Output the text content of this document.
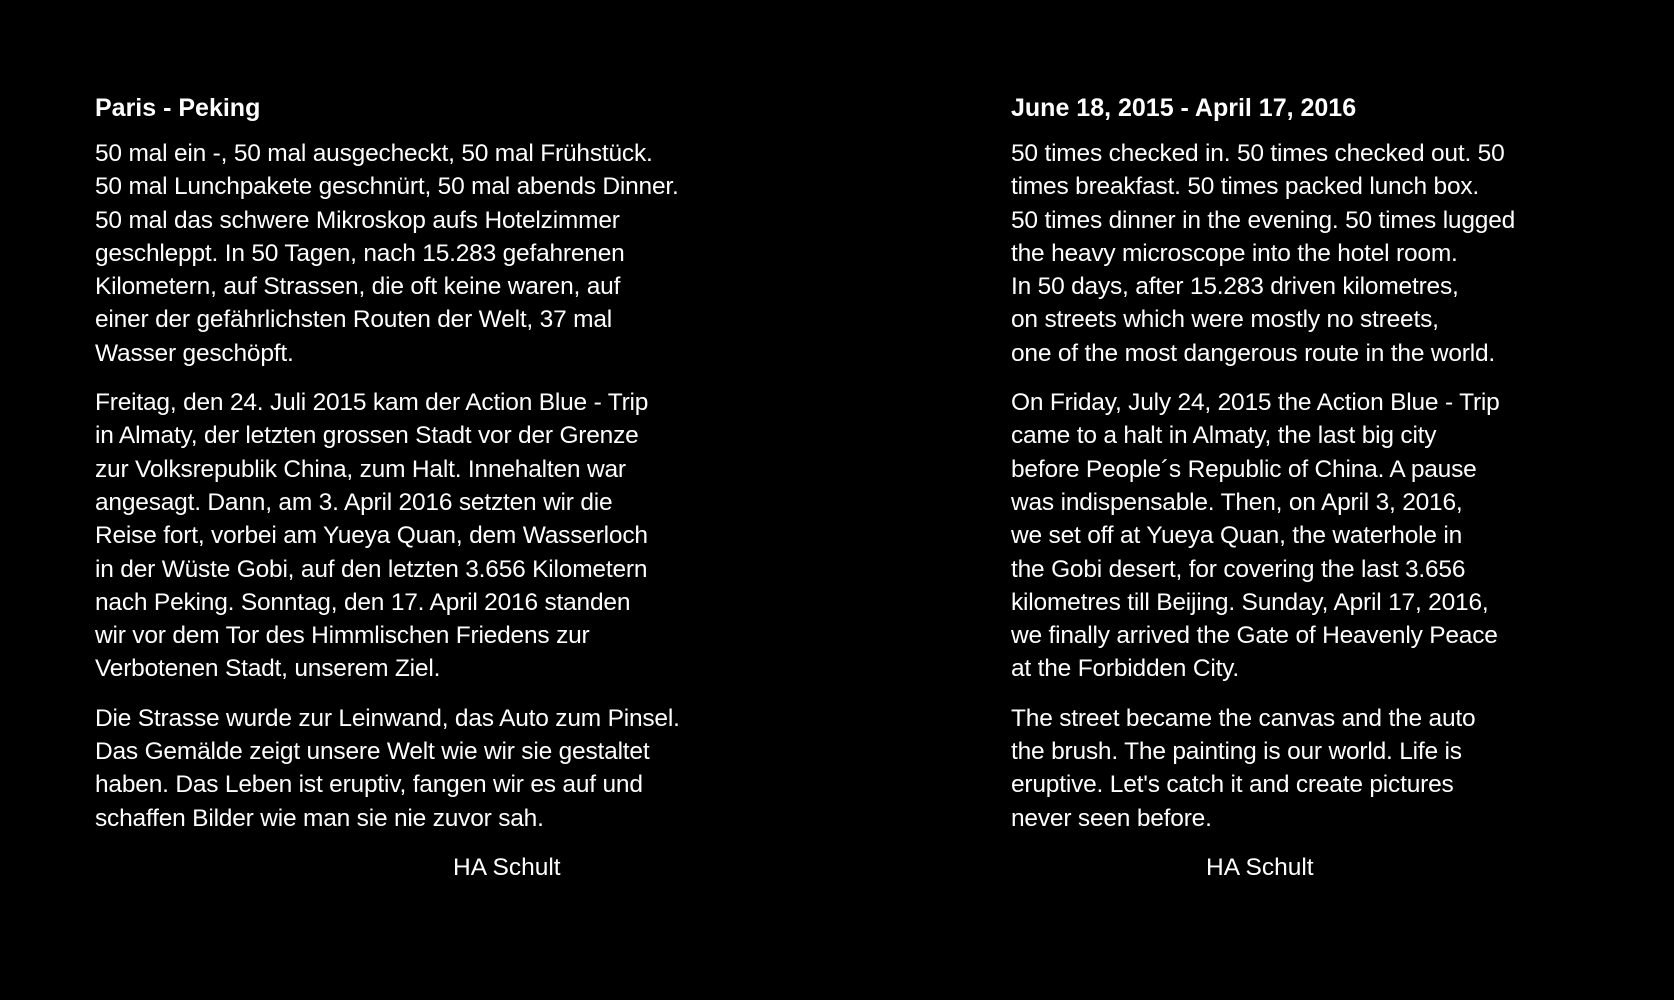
Paris - Peking
50 mal ein -, 50 mal ausgecheckt, 50 mal Frühstück.
50 mal Lunchpakete geschnürt, 50 mal abends Dinner.
50 mal das schwere Mikroskop aufs Hotelzimmer
geschleppt. In 50 Tagen, nach 15.283 gefahrenen
Kilometern, auf Strassen, die oft keine waren, auf
einer der gefährlichsten Routen der Welt, 37 mal
Wasser geschöpft.
Freitag, den 24. Juli 2015 kam der Action Blue - Trip
in Almaty, der letzten grossen Stadt vor der Grenze
zur Volksrepublik China, zum Halt. Innehalten war
angesagt. Dann, am 3. April 2016 setzten wir die
Reise fort, vorbei am Yueya Quan, dem Wasserloch
in der Wüste Gobi, auf den letzten 3.656 Kilometern
nach Peking. Sonntag, den 17. April 2016 standen
wir vor dem Tor des Himmlischen Friedens zur
Verbotenen Stadt, unserem Ziel.
Die Strasse wurde zur Leinwand, das Auto zum Pinsel.
Das Gemälde zeigt unsere Welt wie wir sie gestaltet
haben. Das Leben ist eruptiv, fangen wir es auf und
schaffen Bilder wie man sie nie zuvor sah.
HA Schult
June 18, 2015 - April 17, 2016
50 times checked in. 50 times checked out. 50
times breakfast. 50 times packed lunch box.
50 times dinner in the evening. 50 times lugged
the heavy microscope into the hotel room.
In 50 days, after 15.283 driven kilometres,
on streets which were mostly no streets,
one of the most dangerous route in the world.
On Friday, July 24, 2015 the Action Blue - Trip
came to a halt in Almaty, the last big city
before People´s Republic of China. A pause
was indispensable. Then, on April 3, 2016,
we set off at Yueya Quan, the waterhole in
the Gobi desert, for covering the last 3.656
kilometres till Beijing. Sunday, April 17, 2016,
we finally arrived the Gate of Heavenly Peace
at the Forbidden City.
The street became the canvas and the auto
the brush. The painting is our world. Life is
eruptive. Let's catch it and create pictures
never seen before.
HA Schult
